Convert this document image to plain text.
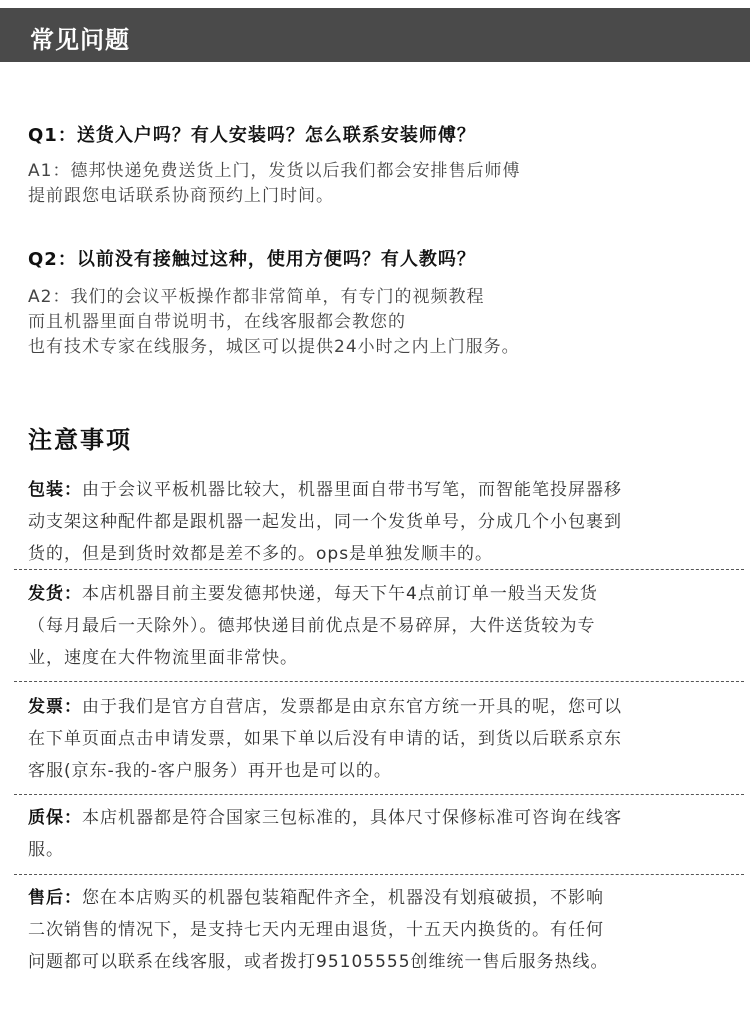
常见问题
Q1：送货入户吗？有人安装吗？怎么联系安装师傅？
A1：德邦快递免费送货上门，发货以后我们都会安排售后师傅
提前跟您电话联系协商预约上门时间。
Q2：以前没有接触过这种，使用方便吗？有人教吗？
A2：我们的会议平板操作都非常简单，有专门的视频教程
而且机器里面自带说明书，在线客服都会教您的
也有技术专家在线服务，城区可以提供24小时之内上门服务。
注意事项
包装：由于会议平板机器比较大，机器里面自带书写笔，而智能笔投屏器移
动支架这种配件都是跟机器一起发出，同一个发货单号，分成几个小包裹到
货的，但是到货时效都是差不多的。ops是单独发顺丰的。
发货：本店机器目前主要发德邦快递，每天下午4点前订单一般当天发货
（每月最后一天除外）。德邦快递目前优点是不易碎屏，大件送货较为专
业，速度在大件物流里面非常快。
发票：由于我们是官方自营店，发票都是由京东官方统一开具的呢，您可以
在下单页面点击申请发票，如果下单以后没有申请的话，到货以后联系京东
客服(京东-我的-客户服务）再开也是可以的。
质保：本店机器都是符合国家三包标准的，具体尺寸保修标准可咨询在线客
服。
售后：您在本店购买的机器包装箱配件齐全，机器没有划痕破损，不影响
二次销售的情况下，是支持七天内无理由退货，十五天内换货的。有任何
问题都可以联系在线客服，或者拨打95105555创维统一售后服务热线。
